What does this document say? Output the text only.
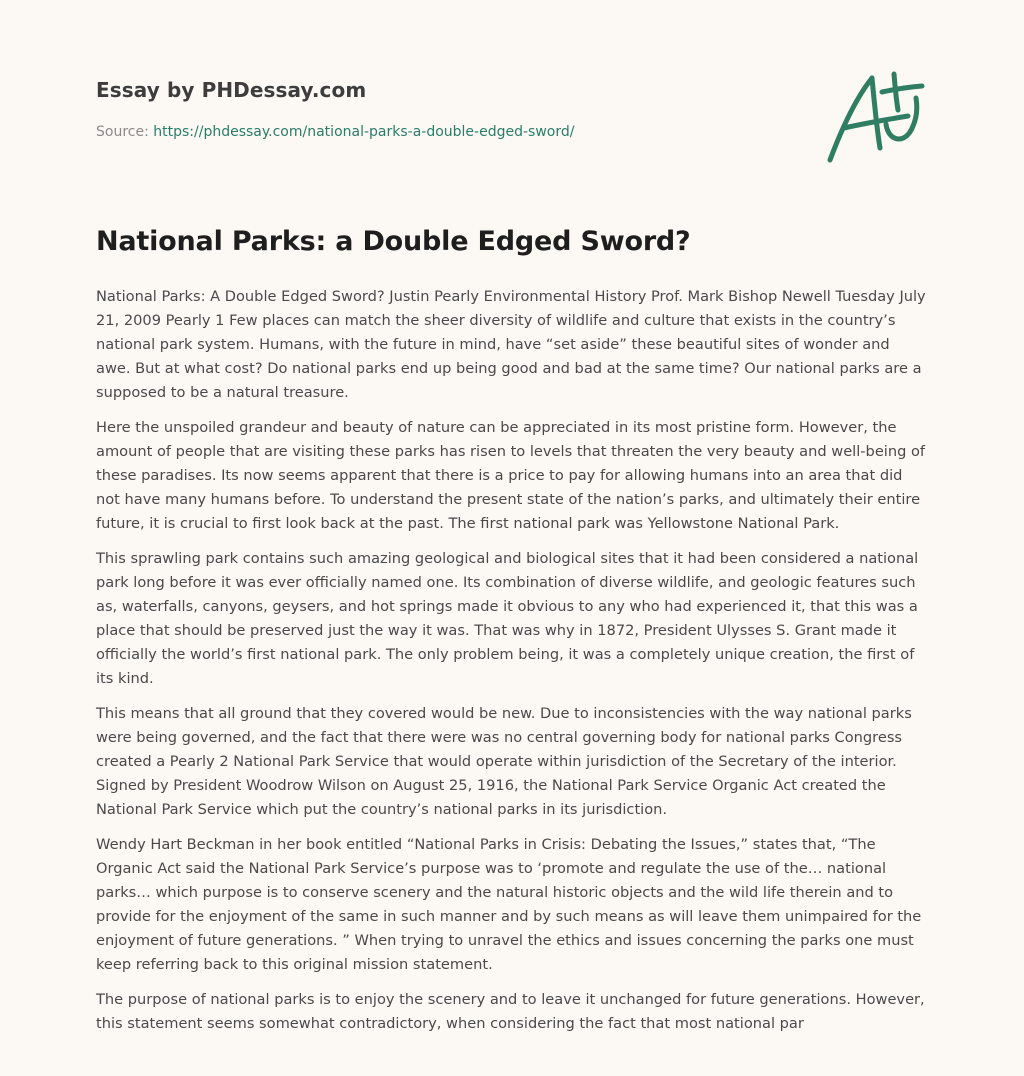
Essay by PHDessay.com
Source: https://phdessay.com/national-parks-a-double-edged-sword/
National Parks: a Double Edged Sword?

National Parks: A Double Edged Sword? Justin Pearly Environmental History Prof. Mark Bishop Newell Tuesday July 21, 2009 Pearly 1 Few places can match the sheer diversity of wildlife and culture that exists in the country’s national park system. Humans, with the future in mind, have “set aside” these beautiful sites of wonder and awe. But at what cost? Do national parks end up being good and bad at the same time? Our national parks are a supposed to be a natural treasure.

Here the unspoiled grandeur and beauty of nature can be appreciated in its most pristine form. However, the amount of people that are visiting these parks has risen to levels that threaten the very beauty and well-being of these paradises. Its now seems apparent that there is a price to pay for allowing humans into an area that did not have many humans before. To understand the present state of the nation’s parks, and ultimately their entire future, it is crucial to first look back at the past. The first national park was Yellowstone National Park.

This sprawling park contains such amazing geological and biological sites that it had been considered a national park long before it was ever officially named one. Its combination of diverse wildlife, and geologic features such as, waterfalls, canyons, geysers, and hot springs made it obvious to any who had experienced it, that this was a place that should be preserved just the way it was. That was why in 1872, President Ulysses S. Grant made it officially the world’s first national park. The only problem being, it was a completely unique creation, the first of its kind.

This means that all ground that they covered would be new. Due to inconsistencies with the way national parks were being governed, and the fact that there were was no central governing body for national parks Congress created a Pearly 2 National Park Service that would operate within jurisdiction of the Secretary of the interior. Signed by President Woodrow Wilson on August 25, 1916, the National Park Service Organic Act created the National Park Service which put the country’s national parks in its jurisdiction.

Wendy Hart Beckman in her book entitled “National Parks in Crisis: Debating the Issues,” states that, “The Organic Act said the National Park Service’s purpose was to ‘promote and regulate the use of the… national parks… which purpose is to conserve scenery and the natural historic objects and the wild life therein and to provide for the enjoyment of the same in such manner and by such means as will leave them unimpaired for the enjoyment of future generations. ” When trying to unravel the ethics and issues concerning the parks one must keep referring back to this original mission statement.

The purpose of national parks is to enjoy the scenery and to leave it unchanged for future generations. However, this statement seems somewhat contradictory, when considering the fact that most national par
